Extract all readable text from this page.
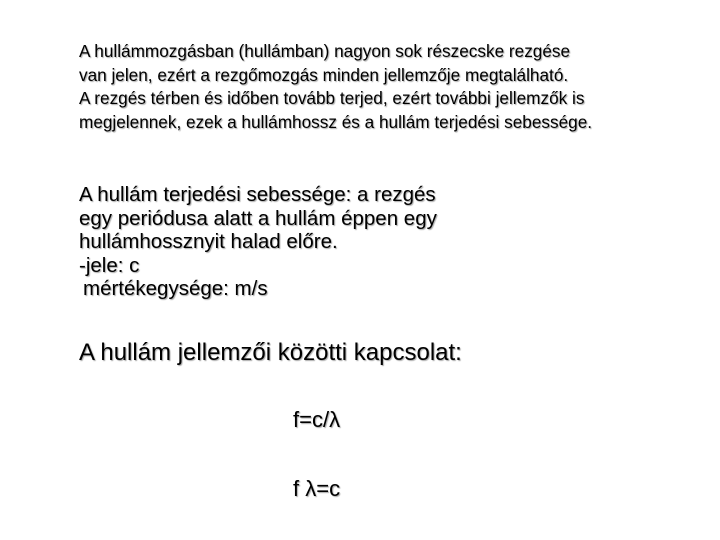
A hullámmozgásban (hullámban) nagyon sok részecske rezgése
van jelen, ezért a rezgőmozgás minden jellemzője megtalálható.
A rezgés térben és időben tovább terjed, ezért további jellemzők is
megjelennek, ezek a hullámhossz és a hullám terjedési sebessége.
A hullám terjedési sebessége: a rezgés
egy periódusa alatt a hullám éppen egy
hullámhossznyit halad előre.
-jele: c
mértékegysége: m/s
A hullám jellemzői közötti kapcsolat:
f=c/λ
f λ=c
